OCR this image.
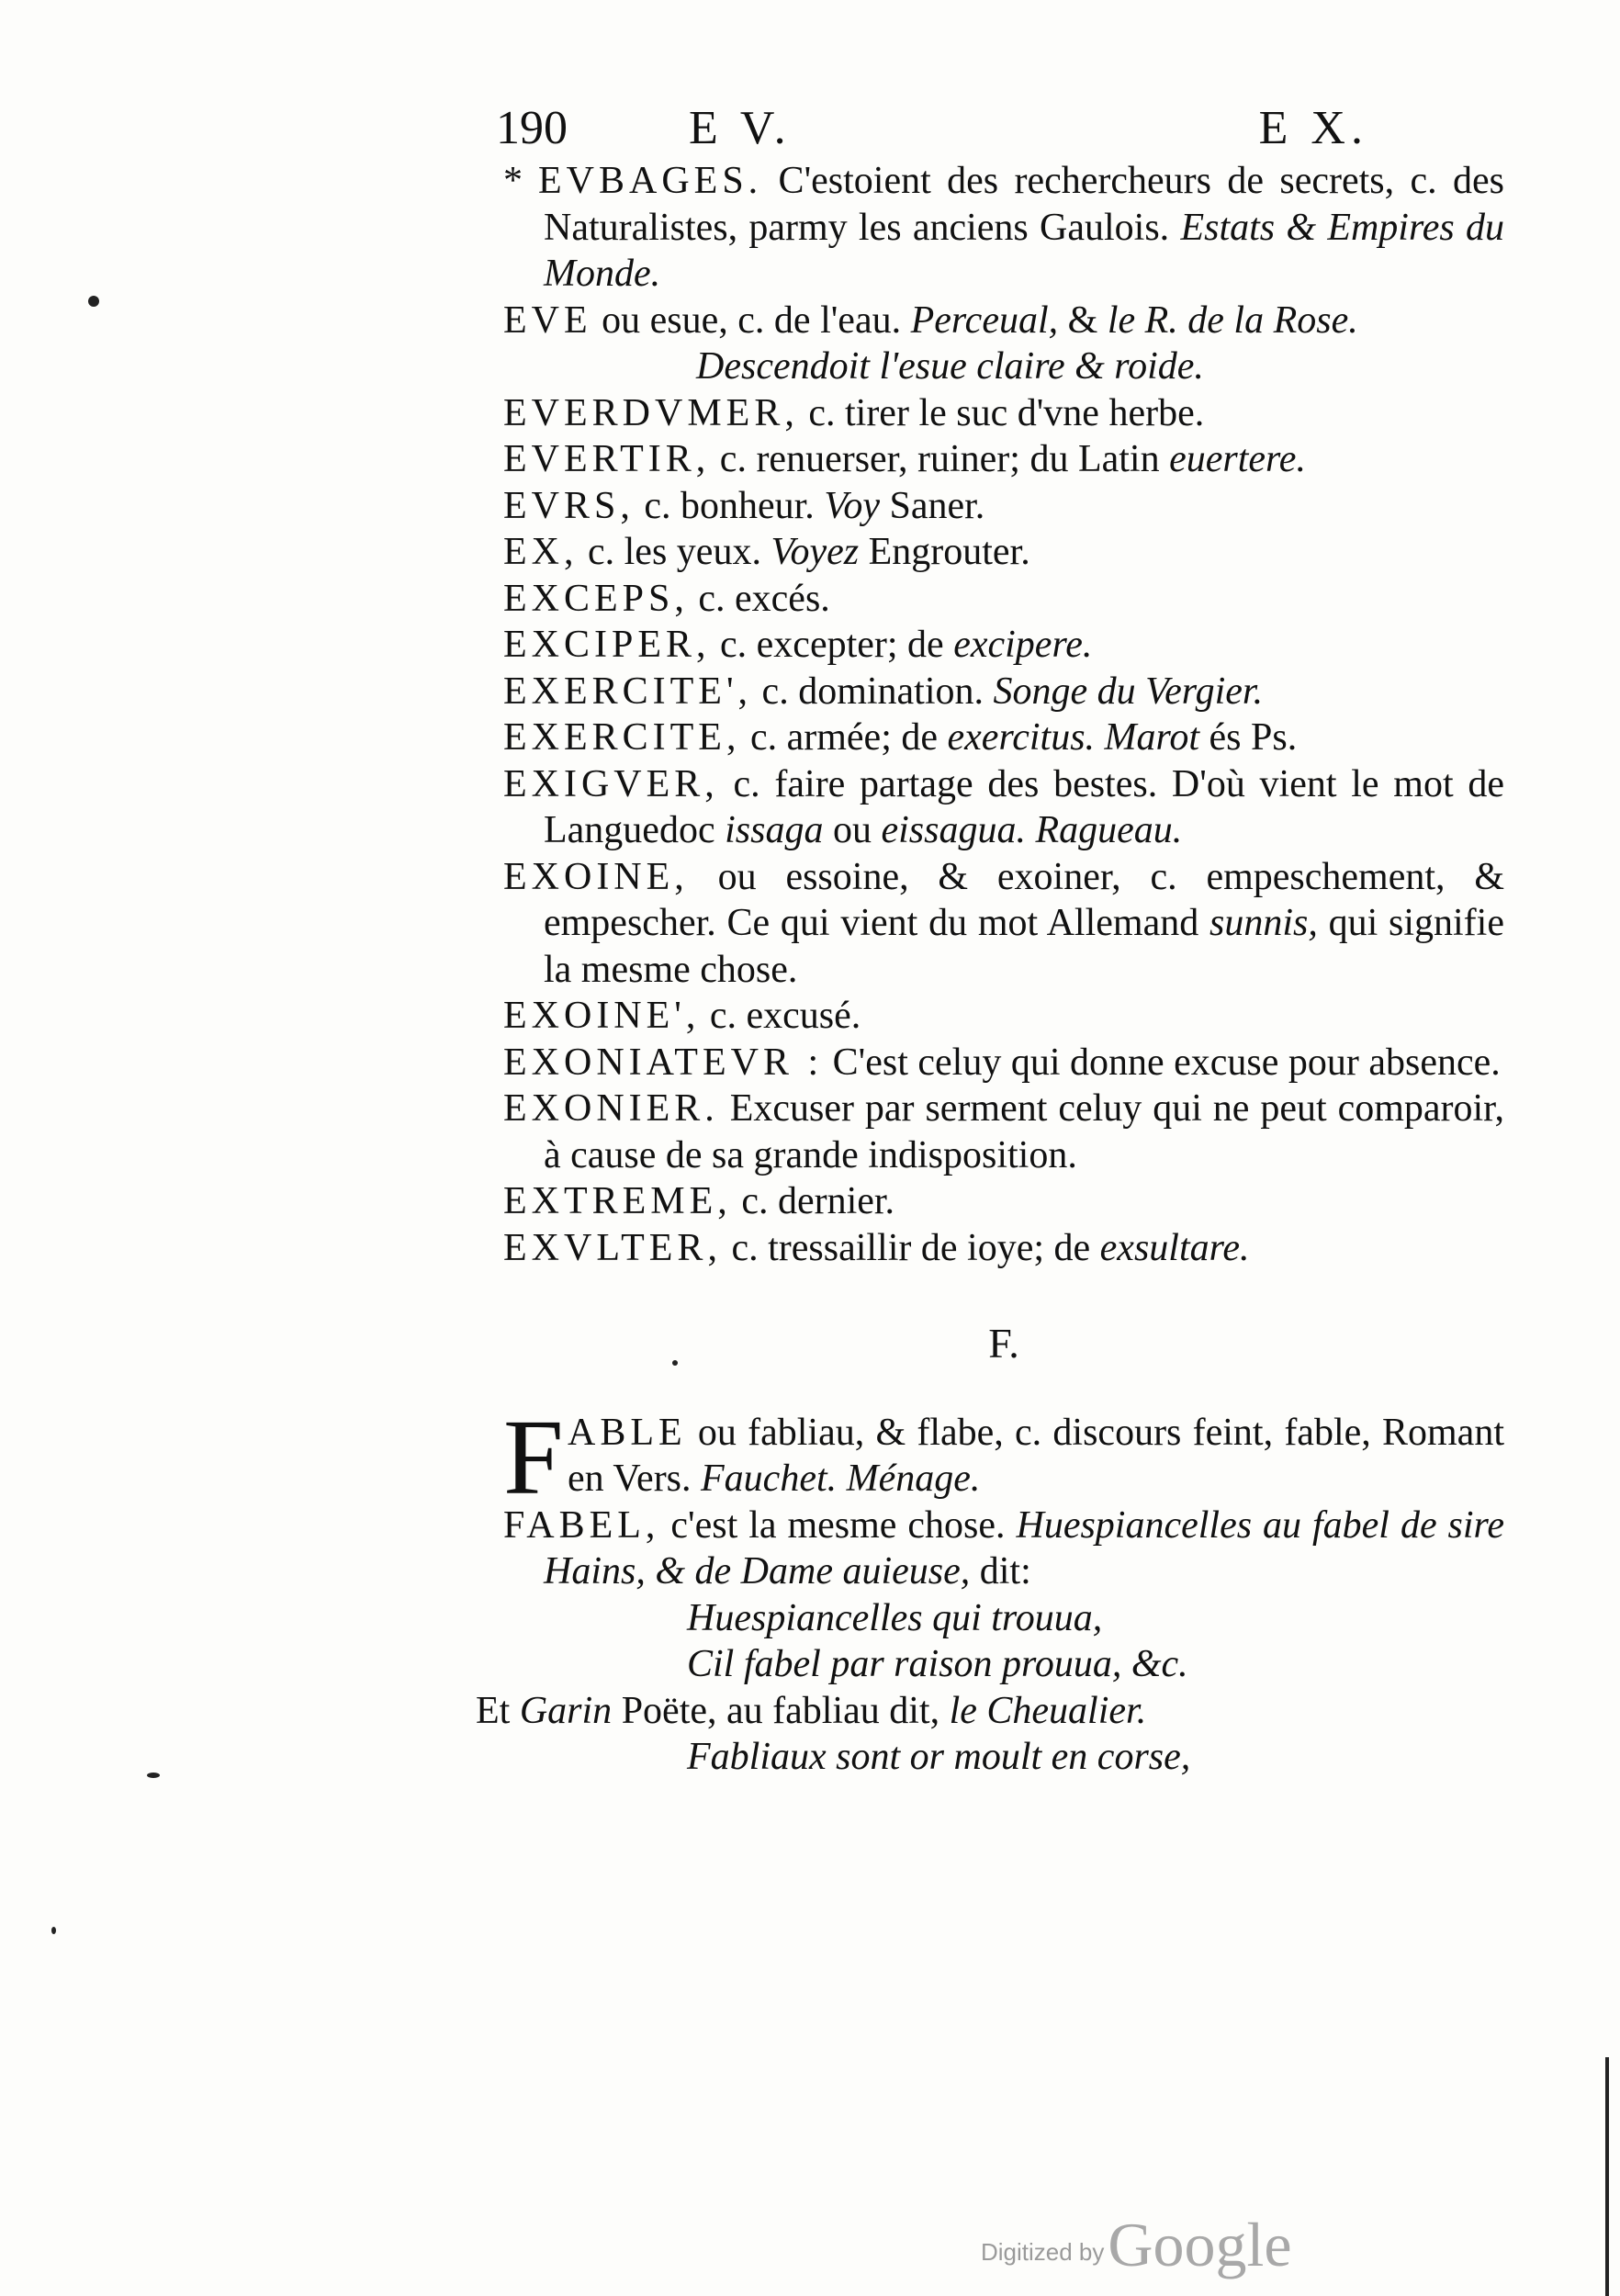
190	E V.	E X.

* EVBAGES. C'estoient des rechercheurs de secrets, c. des Naturalistes, parmy les anciens Gaulois. Estats & Empires du Monde.

EVE ou esue, c. de l'eau. Perceual, & le R. de la Rose.

Descendoit l'esue claire & roide.

EVERDVMER, c. tirer le suc d'vne herbe.

EVERTIR, c. renuerser, ruiner; du Latin euertere.

EVRS, c. bonheur. Voy Saner.

EX, c. les yeux. Voyez Engrouter.

EXCEPS, c. excés.

EXCIPER, c. excepter; de excipere.

EXERCITE', c. domination. Songe du Vergier.

EXERCITE, c. armée; de exercitus. Marot és Ps.

EXIGVER, c. faire partage des bestes. D'où vient le mot de Languedoc issaga ou eissagua. Ragueau.

EXOINE, ou essoine, & exoiner, c. empeschement, & empescher. Ce qui vient du mot Allemand sunnis, qui signifie la mesme chose.

EXOINE', c. excusé.

EXONIATEVR : C'est celuy qui donne excuse pour absence.

EXONIER. Excuser par serment celuy qui ne peut comparoir, à cause de sa grande indisposition.

EXTREME, c. dernier.

EXVLTER, c. tressaillir de ioye; de exsultare.

F.

F ABLE ou fabliau, & flabe, c. discours feint, fable, Romant en Vers. Fauchet. Ménage.

FABEL, c'est la mesme chose. Huespiancelles au fabel de sire Hains, & de Dame auieuse, dit:

Huespiancelles qui trouua,

Cil fabel par raison prouua, &c.

Et Garin Poëte, au fabliau dit, le Cheualier.

Fabliaux sont or moult en corse,

Digitized byGoogle
